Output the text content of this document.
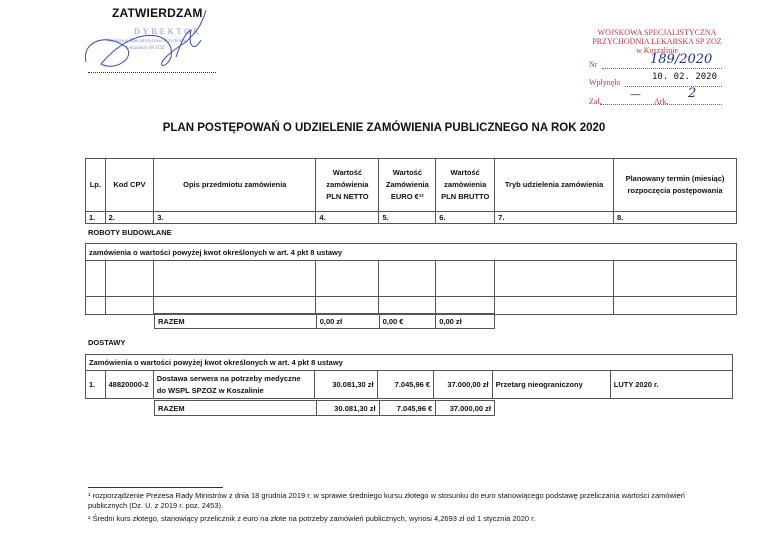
ZATWIERDZAM
DYREKTOR
Wojskowej Specjalistycznej Przychodni
Lekarskiej SP ZOZ
WOJSKOWA SPECJALISTYCZNA
PRZYCHODNIA LEKARSKA SP ZOZ
w Koszalinie
Nr	189/2020
Wpłynęło
10. 02. 2020
Zał.
—
Ark.
2
PLAN POSTĘPOWAŃ O UDZIELENIE ZAMÓWIENIA PUBLICZNEGO NA ROK 2020
Lp.	Kod CPV	Opis przedmiotu zamówienia	Wartość zamówienia PLN NETTO	Wartość Zamówienia EURO €¹²	Wartość zamówienia PLN BRUTTO	Tryb udzielenia zamówienia	Planowany termin (miesiąc) rozpoczęcia postępowania
1.	2.	3.	4.	5.	6.	7.	8.
ROBOTY BUDOWLANE
zamówienia o wartości powyżej kwot określonych w art. 4 pkt 8 ustawy							

RAZEM	0,00 zł	0,00 €	0,00 zł
DOSTAWY
Zamówienia o wartości powyżej kwot określonych w art. 4 pkt 8 ustawy
1.	48820000-2	Dostawa serwera na potrzeby medyczne do WSPL SPZOZ w Koszalinie	30.081,30 zł	7.045,96 €	37.000,00 zł	Przetarg nieograniczony	LUTY 2020 r.
RAZEM	30.081,30 zł	7.045,96 €	37.000,00 zł
¹ rozporządzenie Prezesa Rady Ministrów z dnia 18 grudnia 2019 r. w sprawie średniego kursu złotego w stosunku do euro stanowiącego podstawę przeliczania wartości zamówień publicznych (Dz. U. z 2019 r. poz. 2453).
² Średni kurs złotego, stanowiący przelicznik z euro na złote na potrzeby zamówień publicznych, wynosi 4,2693 zł od 1 stycznia 2020 r.
